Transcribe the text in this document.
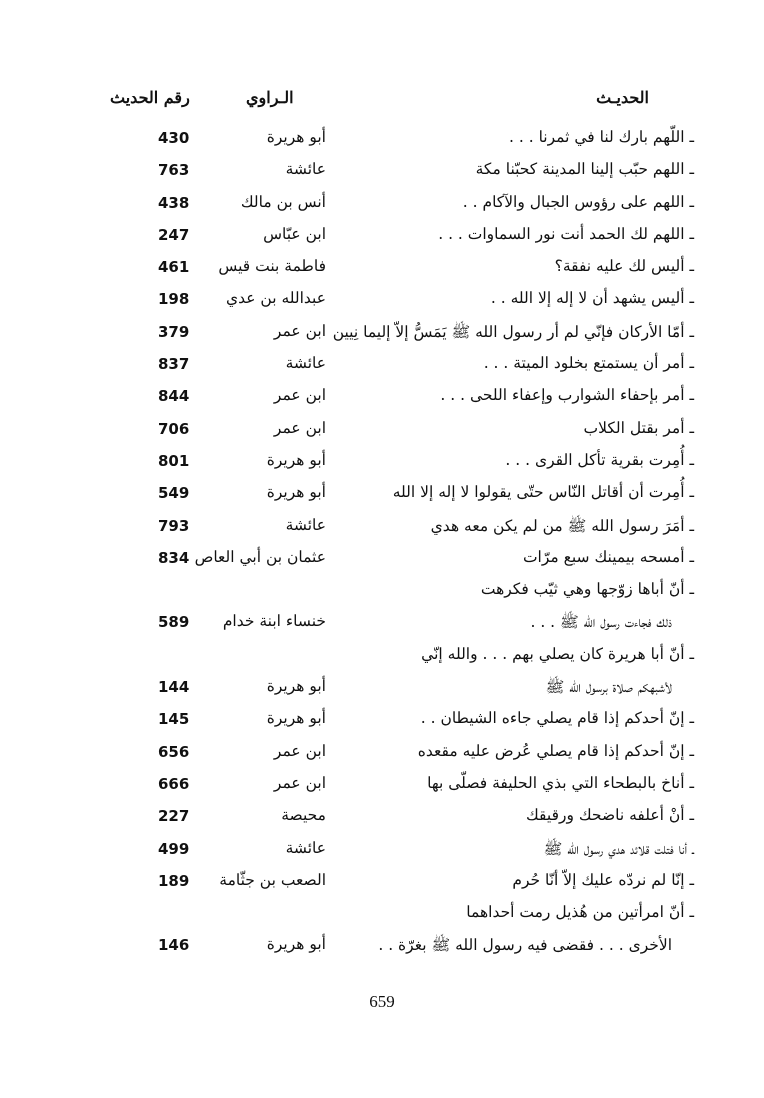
الحديـث
الـراوي
رقم الحديث
ـ اللّهم بارك لنا في ثمرنا . . .
أبو هريرة
430
ـ اللهم حبّب إلينا المدينة كحبّنا مكة
عائشة
763
ـ اللهم على رؤوس الجبال والآكام . .
أنس بن مالك
438
ـ اللهم لك الحمد أنت نور السماوات . . .
ابن عبّاس
247
ـ أليس لك عليه نفقة؟
فاطمة بنت قيس
461
ـ أليس يشهد أن لا إله إلا الله . .
عبدالله بن عدي
198
ـ أمّا الأركان فإنّي لم أر رسول الله ﷺ يَمَسُّ إلاّ إليما نِيين
ابن عمر
379
ـ أمر أن يستمتع بخلود الميتة . . .
عائشة
837
ـ أمر بإحفاء الشوارب وإعفاء اللحى . . .
ابن عمر
844
ـ أمر بقتل الكلاب
ابن عمر
706
ـ أُمِرت بقرية تأكل القرى . . .
أبو هريرة
801
ـ أُمِرت أن أقاتل النّاس حتّى يقولوا لا إله إلا الله
أبو هريرة
549
ـ أمَرَ رسول الله ﷺ من لم يكن معه هدي
عائشة
793
ـ أمسحه بيمينك سبع مرّات
عثمان بن أبي العاص
834
ـ أنّ أباها زوّجها وهي ثيّب فكرهت
ذلك فجاءت رسول الله ﷺ . . .
خنساء ابنة خدام
589
ـ أنّ أبا هريرة كان يصلي بهم . . . والله إنّي
لأشبهكم صلاة برسول الله ﷺ
أبو هريرة
144
ـ إنّ أحدكم إذا قام يصلي جاءه الشيطان . .
أبو هريرة
145
ـ إنّ أحدكم إذا قام يصلي عُرض عليه مقعده
ابن عمر
656
ـ أناخ بالبطحاء التي بذي الحليفة فصلّى بها
ابن عمر
666
ـ أنْ أعلفه ناضحك ورقيقك
محيصة
227
ـ أنا فتلت قلائد هدي رسول الله ﷺ
عائشة
499
ـ إنّا لم نردّه عليك إلاّ أنّا حُرم
الصعب بن جثّامة
189
ـ أنّ امرأتين من هُذيل رمت أحداهما
الأخرى . . . فقضى فيه رسول الله ﷺ بغرّة . .
أبو هريرة
146
659
